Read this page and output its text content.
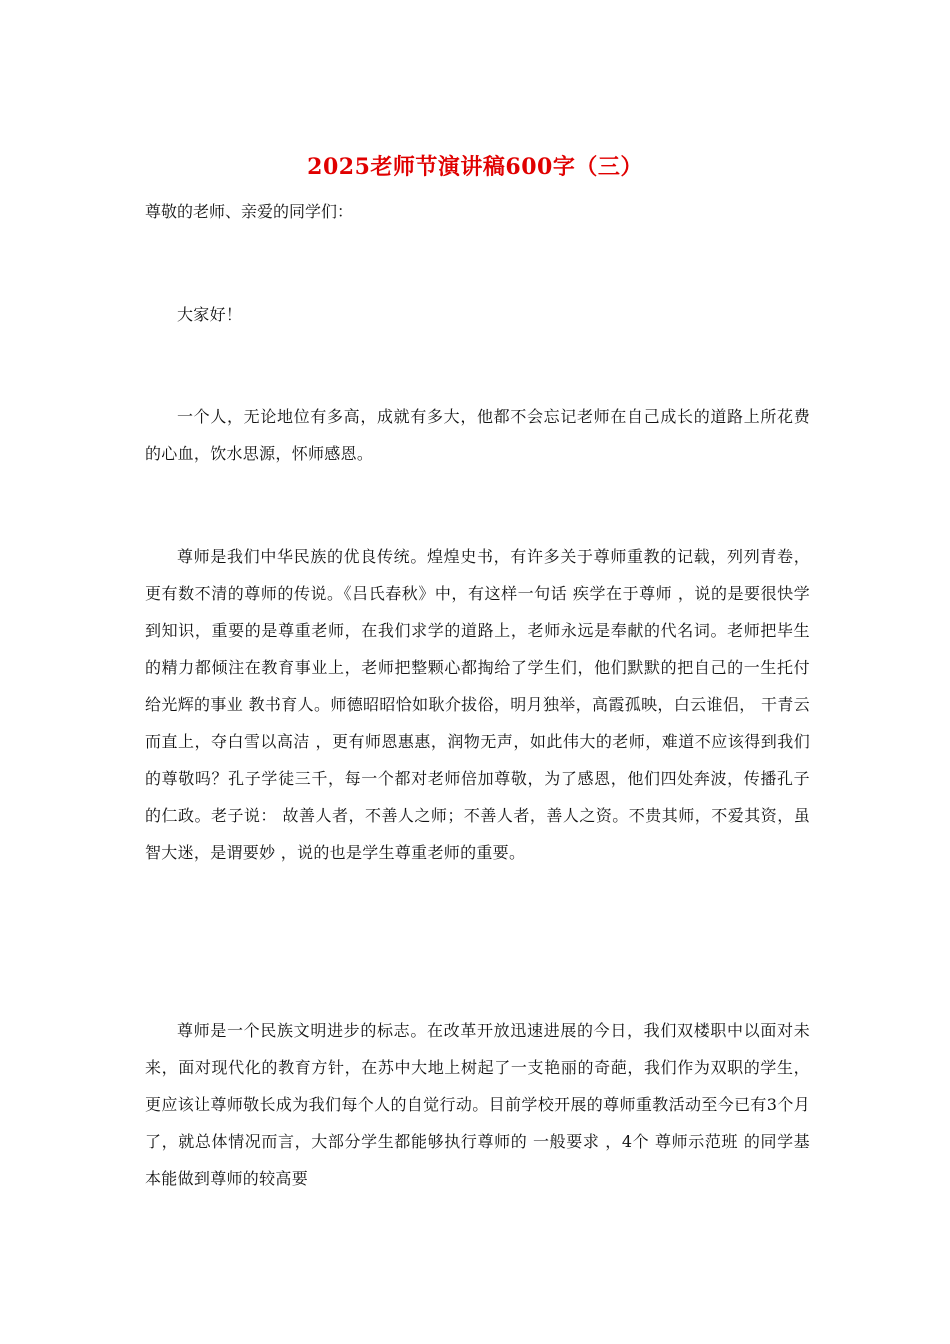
2025老师节演讲稿600字（三）
尊敬的老师、亲爱的同学们：
大家好！
一个人，无论地位有多高，成就有多大，他都不会忘记老师在自己成长的道路上所花费的心血，饮水思源，怀师感恩。
尊师是我们中华民族的优良传统。煌煌史书，有许多关于尊师重教的记载，列列青卷，更有数不清的尊师的传说。《吕氏春秋》中，有这样一句话 疾学在于尊师 ，说的是要很快学到知识，重要的是尊重老师，在我们求学的道路上，老师永远是奉献的代名词。老师把毕生的精力都倾注在教育事业上，老师把整颗心都掏给了学生们，他们默默的把自己的一生托付给光辉的事业 教书育人。师德昭昭恰如耿介拔俗，明月独举，高霞孤映，白云谁侣， 干青云而直上，夺白雪以高洁 ，更有师恩惠惠，润物无声，如此伟大的老师，难道不应该得到我们的尊敬吗？孔子学徒三千，每一个都对老师倍加尊敬，为了感恩，他们四处奔波，传播孔子的仁政。老子说： 故善人者，不善人之师；不善人者，善人之资。不贵其师，不爱其资，虽智大迷，是谓要妙 ，说的也是学生尊重老师的重要。
尊师是一个民族文明进步的标志。在改革开放迅速进展的今日，我们双楼职中以面对未来，面对现代化的教育方针，在苏中大地上树起了一支艳丽的奇葩，我们作为双职的学生，更应该让尊师敬长成为我们每个人的自觉行动。目前学校开展的尊师重教活动至今已有3个月了，就总体情况而言，大部分学生都能够执行尊师的 一般要求 ，4个 尊师示范班 的同学基本能做到尊师的较高要
